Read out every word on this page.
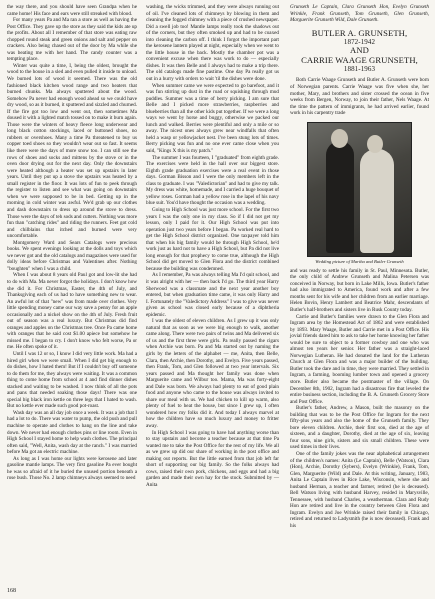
the way there, and you should have seen Grandpa when he came home! His face and ears were still streaked with blood.

For many years Pa and Ma ran a store as well as having the Post Office. They gave up the store as they said the kids ate up the profits. About all I remember of that store was eating raw chopped round steak and green onions and salt and pepper on crackers. Also being chased out of the door by Ma while she was beating me with her hand. The candy counter was a tempting place.

Winter was quite a time, I, being the oldest, brought the wood to the house in a sled and even pulled it inside to unload. We burned lots of wood it seemed. There was the old fashioned black kitchen wood range and two heaters that burned chunks. Ma always sputtered about the wood. Somehow Pa never had enough wood ahead so we could have dry wood, so as it burned, it sputtered and sizzled and churned. If the fire got too low and went out, then sometimes Ma doused it with a lighted match tossed on to make it burn again. Those were the winters of heavy fleece long underwear and long black cotton stockings, laced or buttoned shoes, no rubbers or overshoes. Many a time Pa threatened to buy us copper toed shoes so they wouldn't wear out so fast. It seems like there were the days of more snow too. I can still see the rows of shoes and socks and mittens by the stove or in the oven door drying out for the next day. Only the downstairs were heated although a heater was set up upstairs in later years. Until they put up a stove the upstairs was heated by a small register in the floor. It was lots of fun to peek through the register to listen and see what was going on downstairs when we were supposed to be in bed. Getting up in the morning in cold winter was awful. We'd grab up our clothes and dash downstairs to dress up around the stove to dress. Those were the days of teh sods and cutters. Nothing was more fun than "catching rides" and riding the runners. Feet got cold and chilblains that itched and burned were very uncomfortable.

Montgomery Ward and Sears Catalogs were precious books. We spent evenings looking at the dolls and toys which we never got and the old catalogs and magazines were used for dolly ideas before Christmas and Valentines after. Nothing "boughten" when I was a child.

When I was about 8 years old Paul got and low-lit she had to do with Ma. Ma never forgot the holidays. I don't know how she did it. For Christmas, Easter, the 4th of July, and Thanksgiving each of us had to have something new to wear. An awful lot of that "new" was from made over clothes. Very little spending money came our way save a penny for an apple occasionally and a nickel show on the 4th of July. Fresh fruit out of season was a real luxury. But Christmas did find oranges and apples on the Christmas tree. Once Pa came home with oranges that he said cost $1.00 apiece but somehow he missed me. I began to cry. I don't know who felt worse, Pa or me. He often spoke of it.

Until I was 12 or so, I know I did very little work. Ma had a hired girl when we were small. When I did get big enough to do dishes, how I hated them! But if I couldn't buy off someone to do them for me, they always were waiting. It was a common thing to come home from school at 4 and find dinner dishes stacked and waiting to be washed. I now think of all the pots and pans that needed soaking those days! There was one special big black iron kettle on three legs that I hated to wash. But no kettle ever made such good pot-roast.

Wash day was an all day job once a week. It was a job that I had a lot to do. There was water to pump, the old push and pull machine to operate and clothes to hang on the line and take down. We never had enough clothes pins or line room. Even in High School I stayed home to help wash clothes. The principal often said, "Well, Anita, wash day at the ranch." I was married before Ma got an electric machine.

As long as I was home our lights were kerosene and later gasoline mantle lamps. The very first gasoline Pa ever bought he was so afraid of it he buried the unused portion beneath a rose bush. Those No. 2 lamp chimneys always seemed to need

washing, the wicks trimmed, and they were always running out of oil. I've cleaned lots of chimneys by blowing in them and cleaning the fogged chimney with a piece of crushed newspaper. Did a swell job too! Mantle lamps really took the shadows out of the corners, but they often smoked up and had to be coaxed into cleaning the carbon off. I think I forgot the important part the kerosene lantern played at night, especially when we went to the little house in the back. Mostly the chamber pot was a convenient excuse when there was work to do — especially dishes. It was then Belle and I always had to make a trip there. The old catalogs made fine pastime. One day Pa really got us out in a hurry with orders to wait 'til the dishes were done.

When summer came we were expected to go barefoot, and it was fun stirring up dust in the road or squishing through mud puddles. Summer was a time of berry picking. I am sure that Belle and I picked more strawberries, raspberries and blueberries than all the other kids put together. If we were a long ways we went by horse and buggy, otherwise we packed our lunch and walked. Berries were plentiful and only a mile or so away. The nicest ones always grew near windfalls that often held a wasp or yellowjacket nest. I've been stung lots of times. Berry picking was fun and no one ever came close when you said, "Kings X this is my patch."

The summer I was fourteen, I "graduated" from eighth grade. The exercises were held in the hall over our biggest store. Eighth grade graduation exercises were a real event in those days. Gorman Bisson and I were the only members left in the class to graduate. I was "Valedictorian" and had to give my talk. My dress was white, homemade, and I carried a huge bouquet of yellow roses. Gorman had a yellow rose in the lapel of his navy blue suit. You'd have thought the occasion was a wedding.

Going to High School was just more school. For the first two years I was the only one in my class. So if I did not get my lesson, only I paid for it. Our High School was put into operation just two years before I began. Pa worked real hard to get the High School district organized. One taxpayer told him that when his big family would be through High School, he'd work just as hard not to have a High School, but Pa did not live long enough for that prophecy to come true, although the High School did get moved to Glen Flora and the district combined because the building was condemned.

As I remember, Pa was always telling Ma I'd quit school, and it was alright with her — then back I'd go. The third year Harry Sherwood was a classmate and the next year another boy entered, but when graduation time came, it was only Harry and I. Fortunately the "Valedictory Address" I was to give was never given as school was closed early because of a diphtheria epidemic.

I was the oldest of eleven children. As I grew up it was only natural that as soon as we were big enough to walk, another came along. There were two pairs of twins and Ma delivered six of us and the first three were girls. Pa really passed the cigars when Archie was born. Pa and Ma started out by naming the girls by the letters of the alphabet — me, Anita, then Belle, Clara, then Archie, then Dorothy, and Evelyn. Five years passed, then Frank, Tom, and Glen followed at two year intervals. Six years passed and Ma thought her family was done when Marguerite came and Wilbur too. Mama, Ma was forty-eight and Dale was born. We always had plenty to eat of good plain food and anyone who came to the house was always invited to share our meal with us. We had chicken to kill up warm, also plenty of fuel to heat the house, but since I grew up, I often wondered how my folks did it. And today I always marvel at how the children have so much luxury and money to fritter away.

In High School I was going to have had anything worse than to stay upstairs and become a teacher because at that time Pa wanted me to take the Post Office for the rest of my life. We all as we grew up did our share of working in the post office and making out reports. But the little earned from that job left far short of supporting our big family. So the folks always had cows, raised their own pork, chickens, and eggs and had a big garden and made their own hay for the stock. Submitted by — Anita

Grunseth Le Captain, Clara Grunseth Hon, Evelyn Grunseth Wrinkle, Frank Grunseth, Tom Grunseth, Glen Grunseth, Marguerite Grunseth Wild, Dale Grunseth.

BUTLER A. GRUNSETH,
1872-1942
AND
CARRIE WAAGE GRUNSETH,
1881-1963

Both Carrie Waage Grunseth and Butler A. Grunseth were born of Norwegian parents. Carrie Waage was five when she, her mother, Mary, and brothers and sister crossed the ocean in five weeks from Bergen, Norway, to join their father, Nels Waage. At the time the pattern of immigrants, he had arrived earlier, found work in his carpentry trade

Wedding picture of Martha and Butler Grunseth

and was ready to settle his family in St. Paul, Minnesota. Butler, the only child of Andrew Grunseth and Malina Petersen was conceived in Norway, but born in Lake Mills, Iowa. Butler's father had also immigrated to America, found work and after a few months sent for his wife and her children from an earlier marriage. Helen Bovin, Henry Lambert and Beatrice Mahr, descendants of Butler's half-brothers and sisters live in Rusk County today.

Carrie and Butler's families were drawn to the Glen Flora and Ingram area by the Homestead Act of 1862 and were established by 1893. Mary Waage, Butler and Carrie met in a Post Office. His jovial friends dared him to ask to take her home knowing her father would be sure to object to a former cowboy and one who was almost ten years her senior. Her father was a straight-laced Norwegian Lutheran. He had donated the land for the Lutheran Church at Glen Flora and was a major builder of the building. Butler took the dare and in time, they were married. They settled in Ingram, a farming, booming lumber town and opened a grocery store. Butler also became the postmaster of the village. On December 8th, 1902, Ingram had a disastrous fire that leveled the entire business section, including the B. A. Grunseth Grocery Store and Post Office.

Butler's father, Andrew, a Mason, built the masonry on the building that was to be the Post Office for Ingram for the next fifty-plus years and also the home of the Grunseth family. They bore eleven children. Archie, their first son, died at the age of sixteen, and a daughter, Dorothy, died at the age of six, leaving four sons, nine girls, sisters and six small children. These were used times in their lives.

One of the family jokes was the near alphabetical arrangement of the children's names: Anita (Le Captain), Belle (Watson), Clara (Hon), Archie, Dorothy (Sybers), Evelyn (Wrinkle), Frank, Tom, Glen, Marguerite (Wild) and Dale. At this writing, January, 1983, Anita Le Captain lives in Rice Lake, Wisconsin, where she and husband Herman, a teacher and farmer, retired (he is deceased). Bell Watson living with husband Harvey, resided in Marysville, Tennessee, with husband Charles, a weatherman. Clara and Rudy Hon are retired and live in the country between Glen Flora and Ingram. Evelyn and Joe Wrinkle raised their family in Chicago, retired and returned to Ladysmith (he is now deceased). Frank and his

168
